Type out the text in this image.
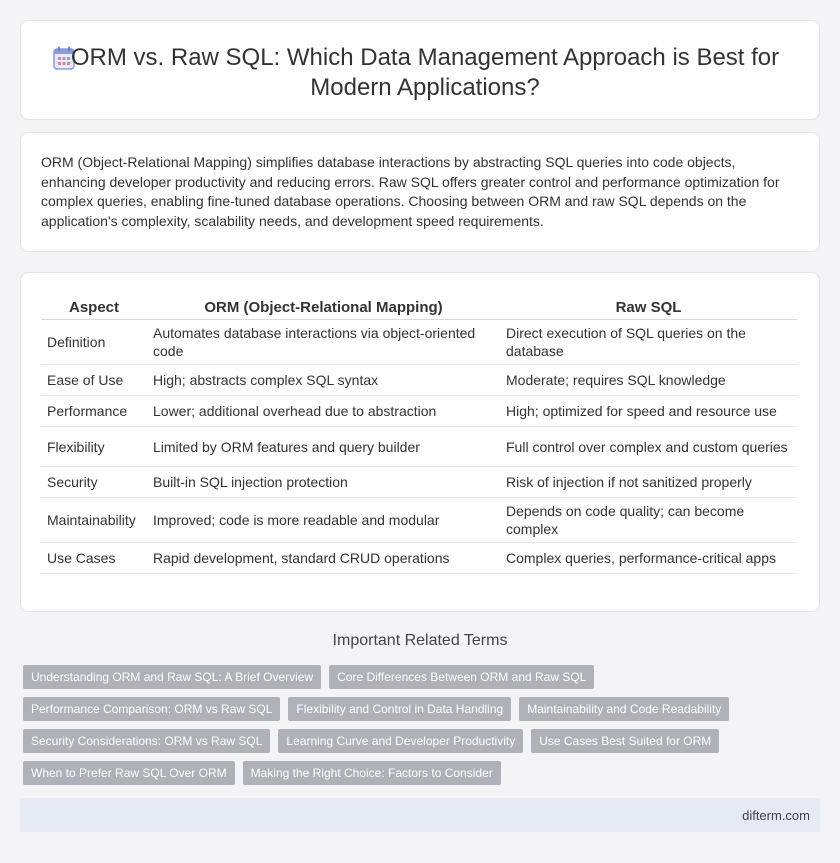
ORM vs. Raw SQL: Which Data Management Approach is Best for Modern Applications?

ORM (Object-Relational Mapping) simplifies database interactions by abstracting SQL queries into code objects, enhancing developer productivity and reducing errors. Raw SQL offers greater control and performance optimization for complex queries, enabling fine-tuned database operations. Choosing between ORM and raw SQL depends on the application's complexity, scalability needs, and development speed requirements.

Aspect	ORM (Object-Relational Mapping)	Raw SQL
Definition	Automates database interactions via object-oriented code	Direct execution of SQL queries on the database
Ease of Use	High; abstracts complex SQL syntax	Moderate; requires SQL knowledge
Performance	Lower; additional overhead due to abstraction	High; optimized for speed and resource use
Flexibility	Limited by ORM features and query builder	Full control over complex and custom queries
Security	Built-in SQL injection protection	Risk of injection if not sanitized properly
Maintainability	Improved; code is more readable and modular	Depends on code quality; can become complex
Use Cases	Rapid development, standard CRUD operations	Complex queries, performance-critical apps
Important Related Terms
Understanding ORM and Raw SQL: A Brief Overview	Core Differences Between ORM and Raw SQL
Performance Comparison: ORM vs Raw SQL	Flexibility and Control in Data Handling	Maintainability and Code Readability
Security Considerations: ORM vs Raw SQL	Learning Curve and Developer Productivity	Use Cases Best Suited for ORM
When to Prefer Raw SQL Over ORM	Making the Right Choice: Factors to Consider
difterm.com
